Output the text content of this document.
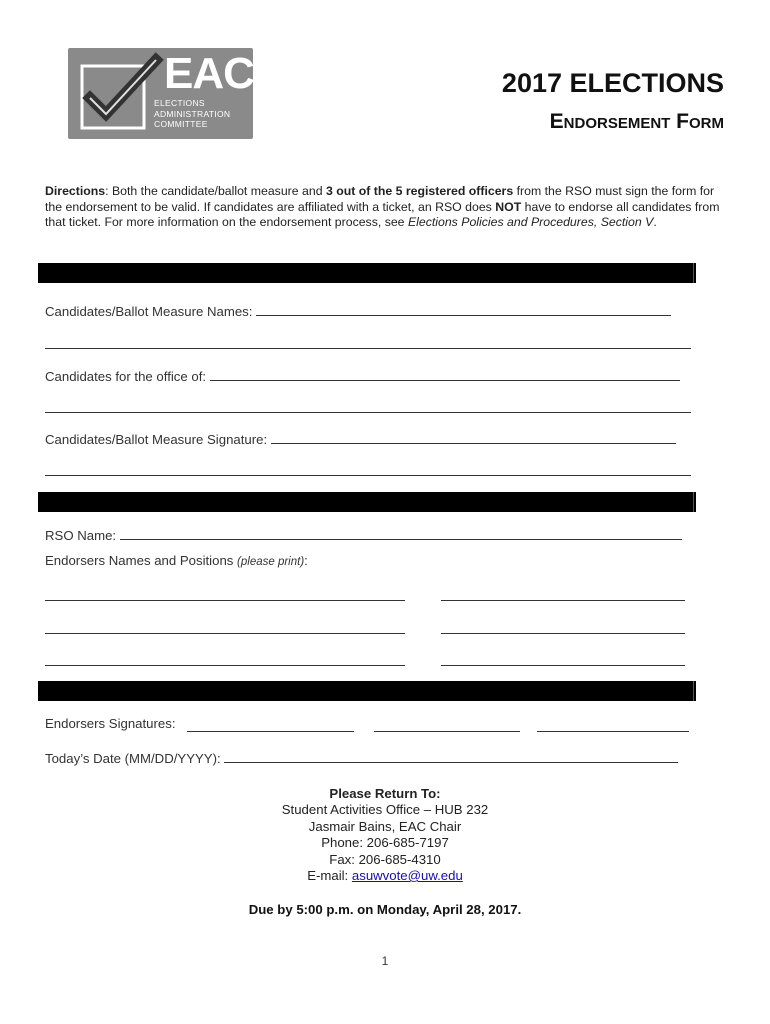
EAC
ELECTIONS
ADMINISTRATION
COMMITTEE
2017 ELECTIONS
Endorsement Form
Directions: Both the candidate/ballot measure and 3 out of the 5 registered officers from the RSO must sign the form for the endorsement to be valid. If candidates are affiliated with a ticket, an RSO does NOT have to endorse all candidates from that ticket. For more information on the endorsement process, see Elections Policies and Procedures, Section V.
Candidates/Ballot Measure Names:
Candidates for the office of:
Candidates/Ballot Measure Signature:
RSO Name:
Endorsers Names and Positions (please print):
Endorsers Signatures:
Today’s Date (MM/DD/YYYY):
Please Return To:
Student Activities Office – HUB 232
Jasmair Bains, EAC Chair
Phone: 206-685-7197
Fax: 206-685-4310
E-mail: asuwvote@uw.edu
Due by 5:00 p.m. on Monday, April 28, 2017.
1
